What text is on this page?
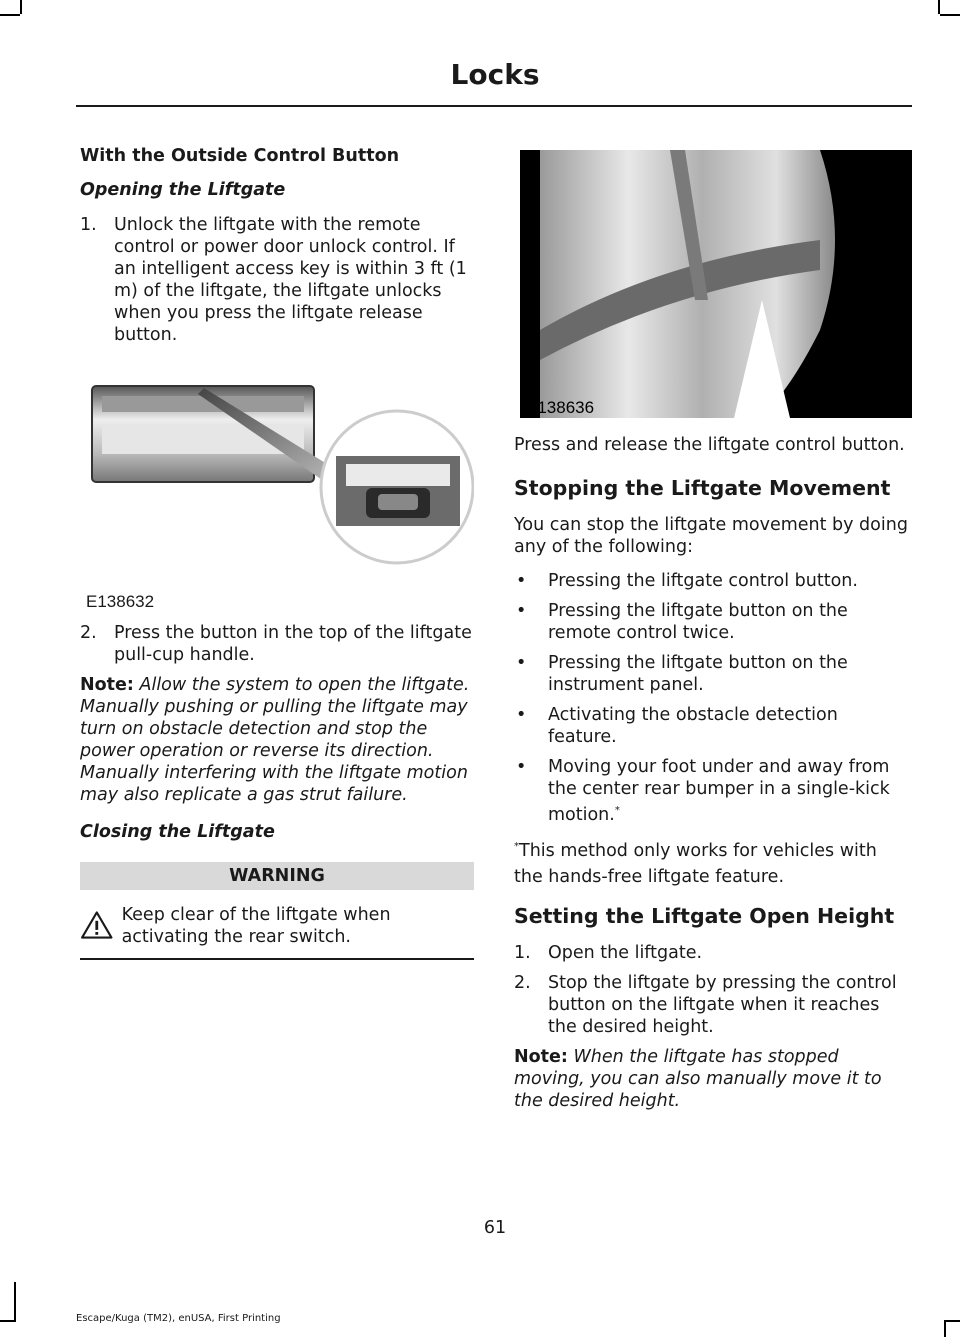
Locks
With the Outside Control Button
Opening the Liftgate
1. Unlock the liftgate with the remote control or power door unlock control. If an intelligent access key is within 3 ft (1 m) of the liftgate, the liftgate unlocks when you press the liftgate release button.
E138632
2. Press the button in the top of the liftgate pull-cup handle.
Note: Allow the system to open the liftgate. Manually pushing or pulling the liftgate may turn on obstacle detection and stop the power operation or reverse its direction. Manually interfering with the liftgate motion may also replicate a gas strut failure.
Closing the Liftgate
WARNING
Keep clear of the liftgate when activating the rear switch.
E138636
Press and release the liftgate control button.
Stopping the Liftgate Movement
You can stop the liftgate movement by doing any of the following:
•	Pressing the liftgate control button.
•	Pressing the liftgate button on the remote control twice.
•	Pressing the liftgate button on the instrument panel.
•	Activating the obstacle detection feature.
•	Moving your foot under and away from the center rear bumper in a single-kick motion.*
*This method only works for vehicles with the hands-free liftgate feature.
Setting the Liftgate Open Height
1. Open the liftgate.
2. Stop the liftgate by pressing the control button on the liftgate when it reaches the desired height.
Note: When the liftgate has stopped moving, you can also manually move it to the desired height.
61
Escape/Kuga (TM2), enUSA, First Printing
